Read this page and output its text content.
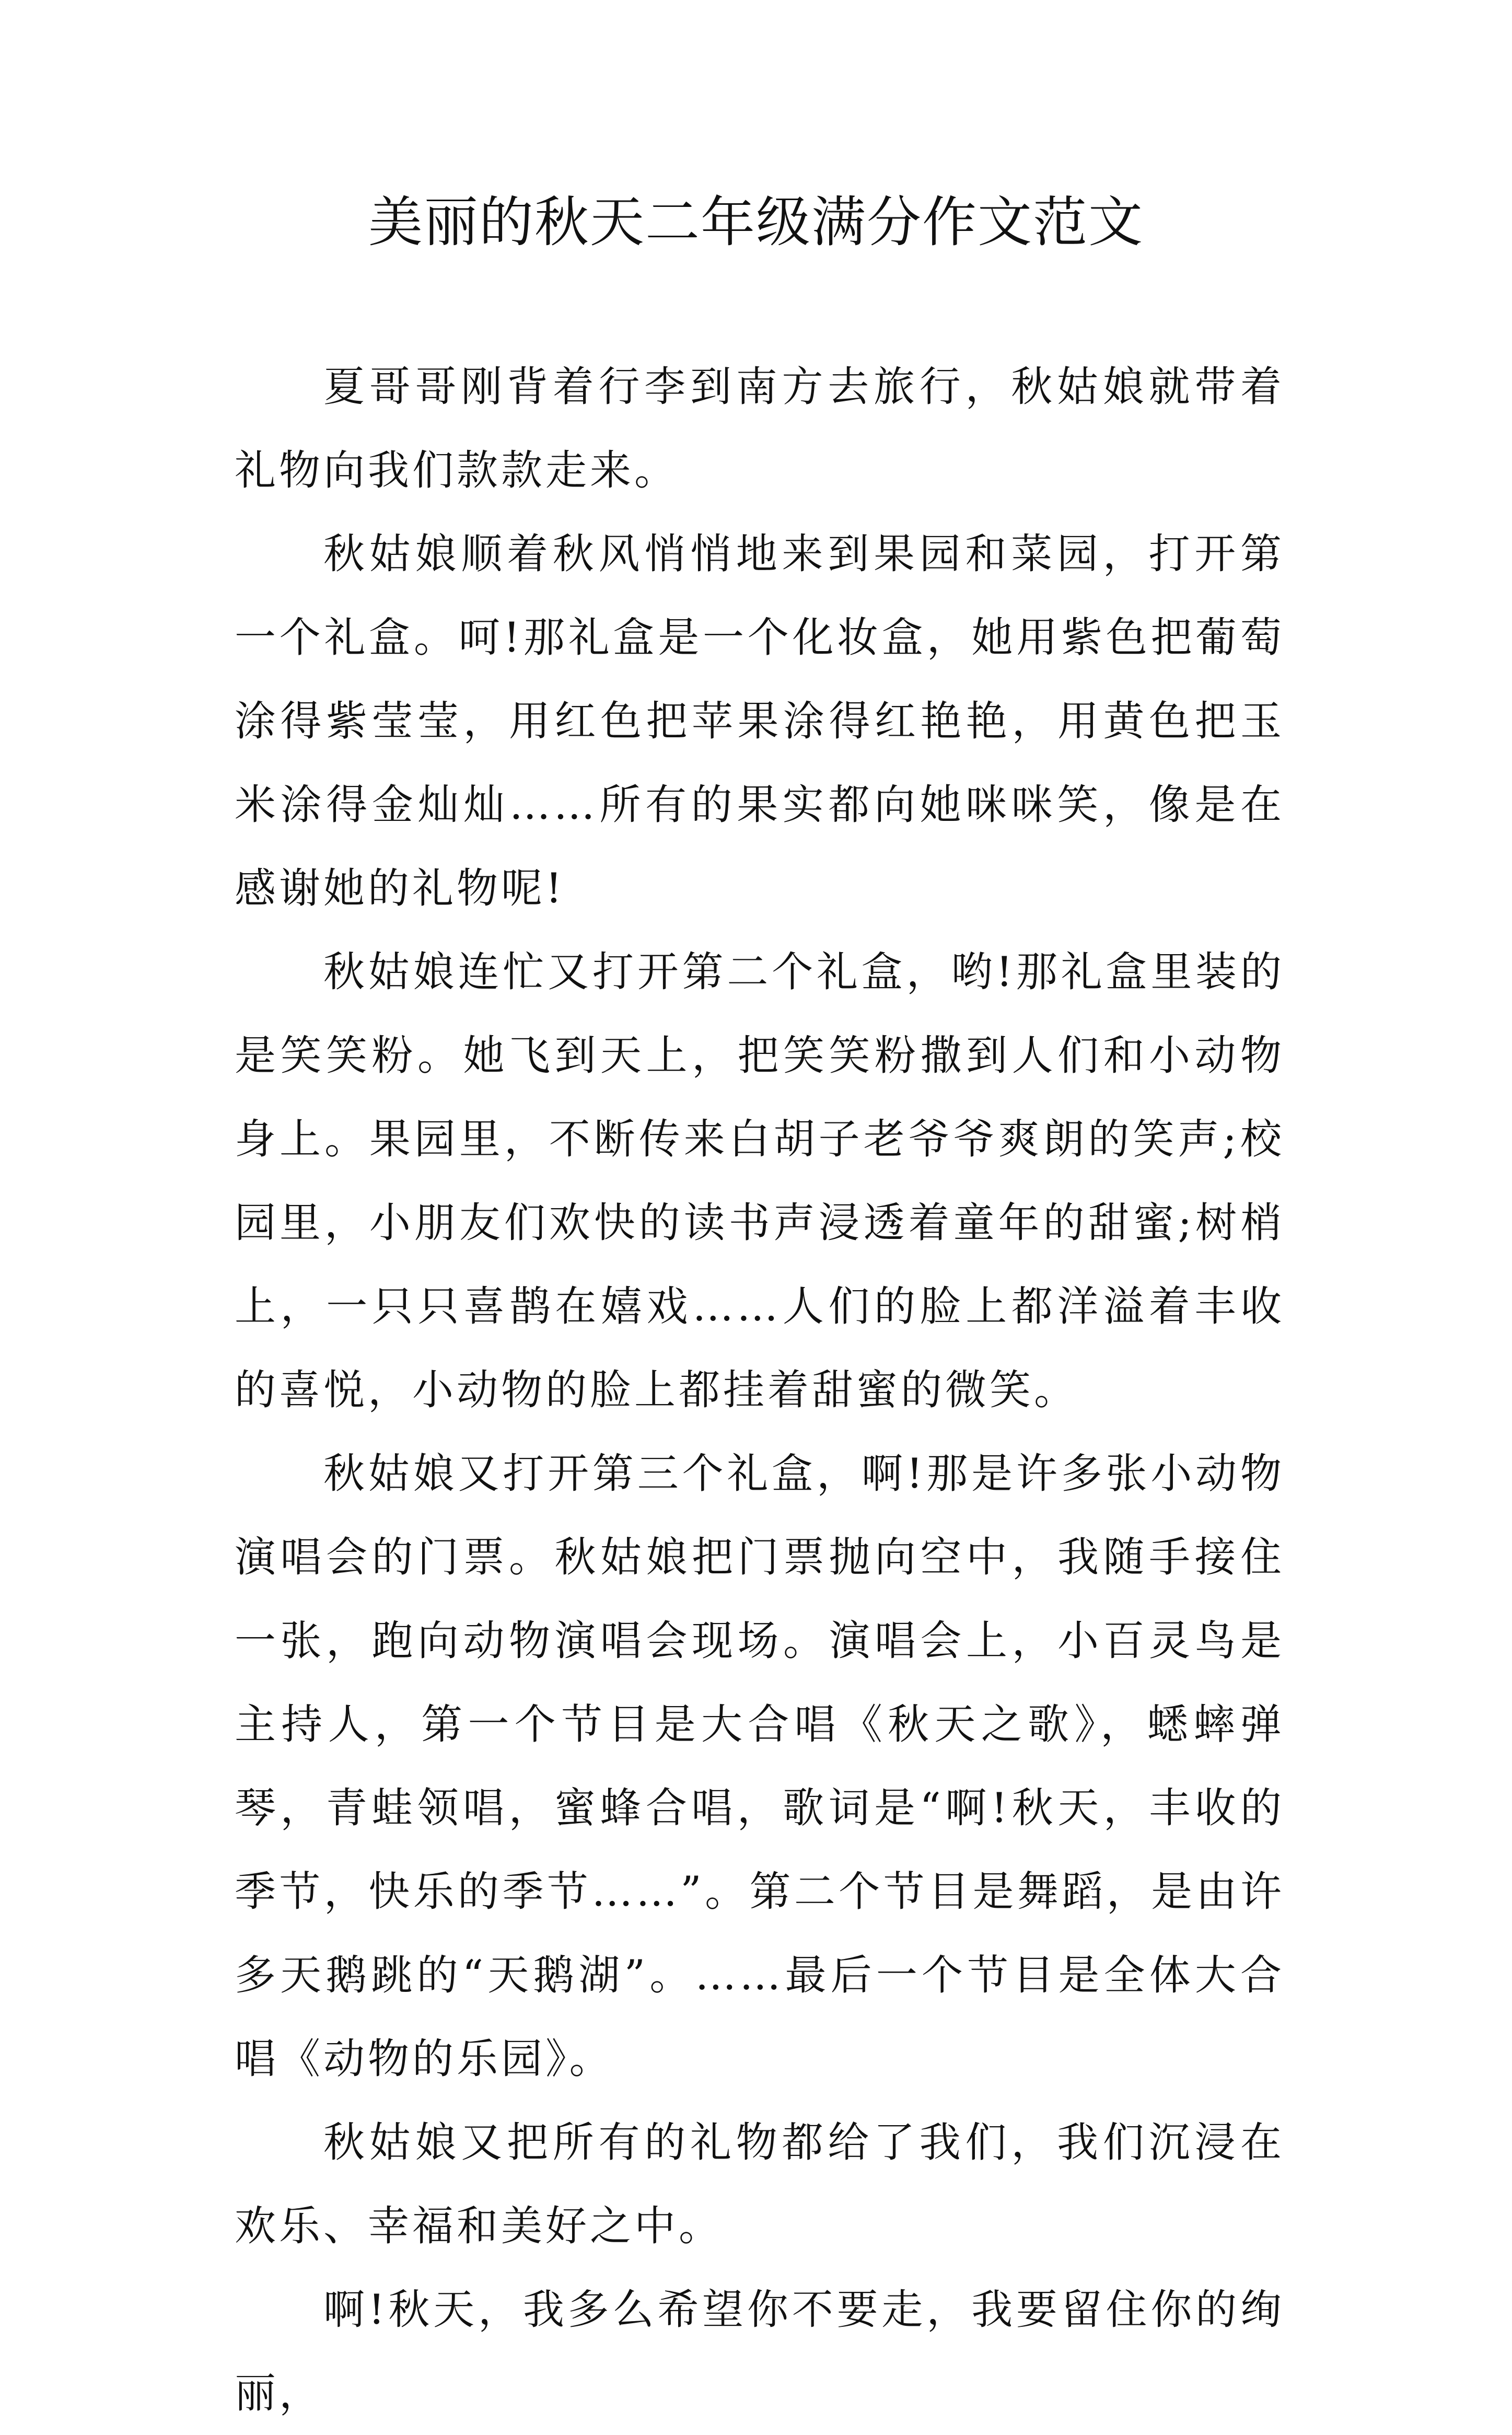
美丽的秋天二年级满分作文范文

夏哥哥刚背着行李到南方去旅行，秋姑娘就带着礼物向我们款款走来。

秋姑娘顺着秋风悄悄地来到果园和菜园，打开第一个礼盒。呵!那礼盒是一个化妆盒，她用紫色把葡萄涂得紫莹莹，用红色把苹果涂得红艳艳，用黄色把玉米涂得金灿灿……所有的果实都向她咪咪笑，像是在感谢她的礼物呢!

秋姑娘连忙又打开第二个礼盒，哟!那礼盒里装的是笑笑粉。她飞到天上，把笑笑粉撒到人们和小动物身上。果园里，不断传来白胡子老爷爷爽朗的笑声;校园里，小朋友们欢快的读书声浸透着童年的甜蜜;树梢上，一只只喜鹊在嬉戏……人们的脸上都洋溢着丰收的喜悦，小动物的脸上都挂着甜蜜的微笑。

秋姑娘又打开第三个礼盒，啊!那是许多张小动物演唱会的门票。秋姑娘把门票抛向空中，我随手接住一张，跑向动物演唱会现场。演唱会上，小百灵鸟是主持人，第一个节目是大合唱《秋天之歌》，蟋蟀弹琴，青蛙领唱，蜜蜂合唱，歌词是“啊!秋天，丰收的季节，快乐的季节……”。第二个节目是舞蹈，是由许多天鹅跳的“天鹅湖”。……最后一个节目是全体大合唱《动物的乐园》。

秋姑娘又把所有的礼物都给了我们，我们沉浸在欢乐、幸福和美好之中。

啊!秋天，我多么希望你不要走，我要留住你的绚丽，
